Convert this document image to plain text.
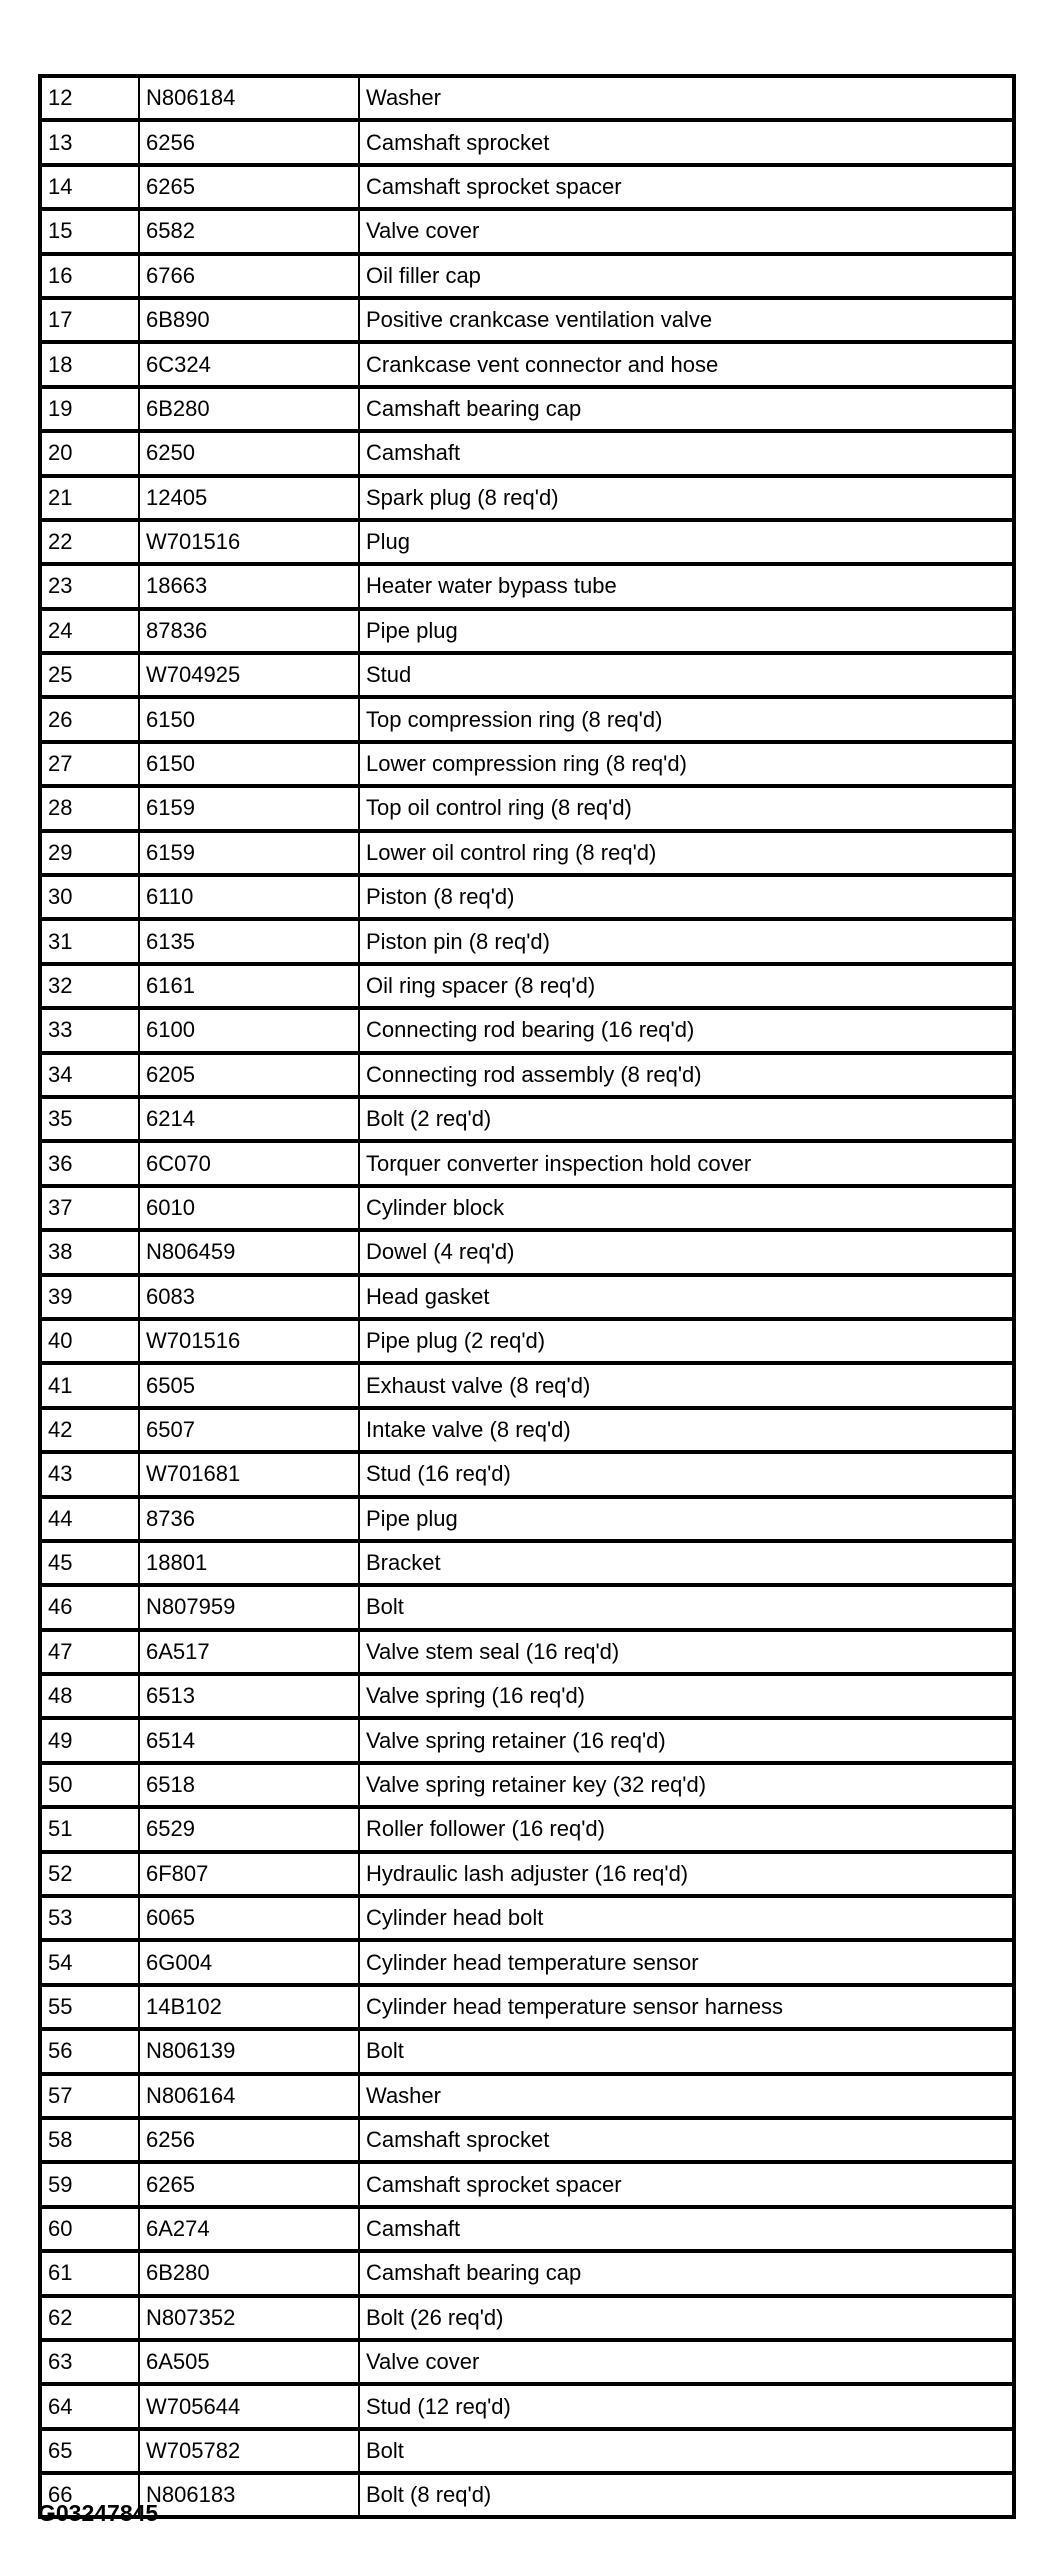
12	N806184	Washer
13	6256	Camshaft sprocket
14	6265	Camshaft sprocket spacer
15	6582	Valve cover
16	6766	Oil filler cap
17	6B890	Positive crankcase ventilation valve
18	6C324	Crankcase vent connector and hose
19	6B280	Camshaft bearing cap
20	6250	Camshaft
21	12405	Spark plug (8 req'd)
22	W701516	Plug
23	18663	Heater water bypass tube
24	87836	Pipe plug
25	W704925	Stud
26	6150	Top compression ring (8 req'd)
27	6150	Lower compression ring (8 req'd)
28	6159	Top oil control ring (8 req'd)
29	6159	Lower oil control ring (8 req'd)
30	6110	Piston (8 req'd)
31	6135	Piston pin (8 req'd)
32	6161	Oil ring spacer (8 req'd)
33	6100	Connecting rod bearing (16 req'd)
34	6205	Connecting rod assembly (8 req'd)
35	6214	Bolt (2 req'd)
36	6C070	Torquer converter inspection hold cover
37	6010	Cylinder block
38	N806459	Dowel (4 req'd)
39	6083	Head gasket
40	W701516	Pipe plug (2 req'd)
41	6505	Exhaust valve (8 req'd)
42	6507	Intake valve (8 req'd)
43	W701681	Stud (16 req'd)
44	8736	Pipe plug
45	18801	Bracket
46	N807959	Bolt
47	6A517	Valve stem seal (16 req'd)
48	6513	Valve spring (16 req'd)
49	6514	Valve spring retainer (16 req'd)
50	6518	Valve spring retainer key (32 req'd)
51	6529	Roller follower (16 req'd)
52	6F807	Hydraulic lash adjuster (16 req'd)
53	6065	Cylinder head bolt
54	6G004	Cylinder head temperature sensor
55	14B102	Cylinder head temperature sensor harness
56	N806139	Bolt
57	N806164	Washer
58	6256	Camshaft sprocket
59	6265	Camshaft sprocket spacer
60	6A274	Camshaft
61	6B280	Camshaft bearing cap
62	N807352	Bolt (26 req'd)
63	6A505	Valve cover
64	W705644	Stud (12 req'd)
65	W705782	Bolt
66	N806183	Bolt (8 req'd)
G03247845
